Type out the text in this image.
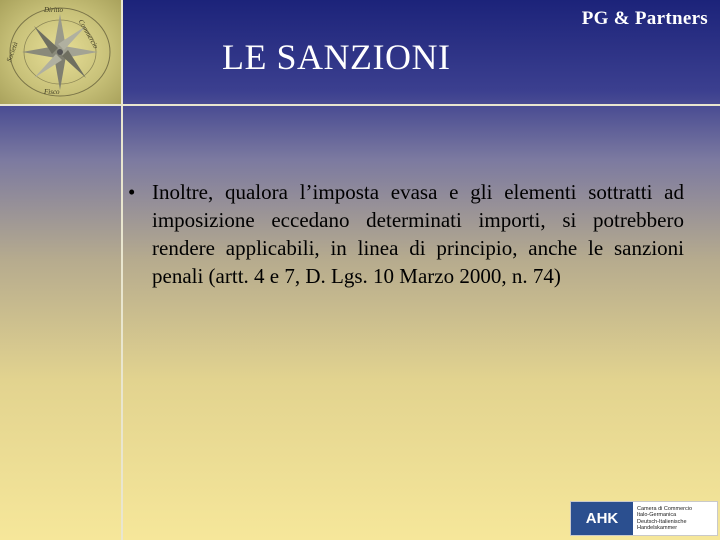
Diritto
Commercio
Società
Fisco
PG & Partners
LE SANZIONI
• Inoltre, qualora l’imposta evasa e gli elementi sottratti ad imposizione eccedano determinati importi, si potrebbero rendere applicabili, in linea di principio, anche le sanzioni penali (artt. 4 e 7, D. Lgs. 10 Marzo 2000, n. 74)
AHK
Camera di Commercio
Italo-Germanica
Deutsch-Italienische
Handelskammer
